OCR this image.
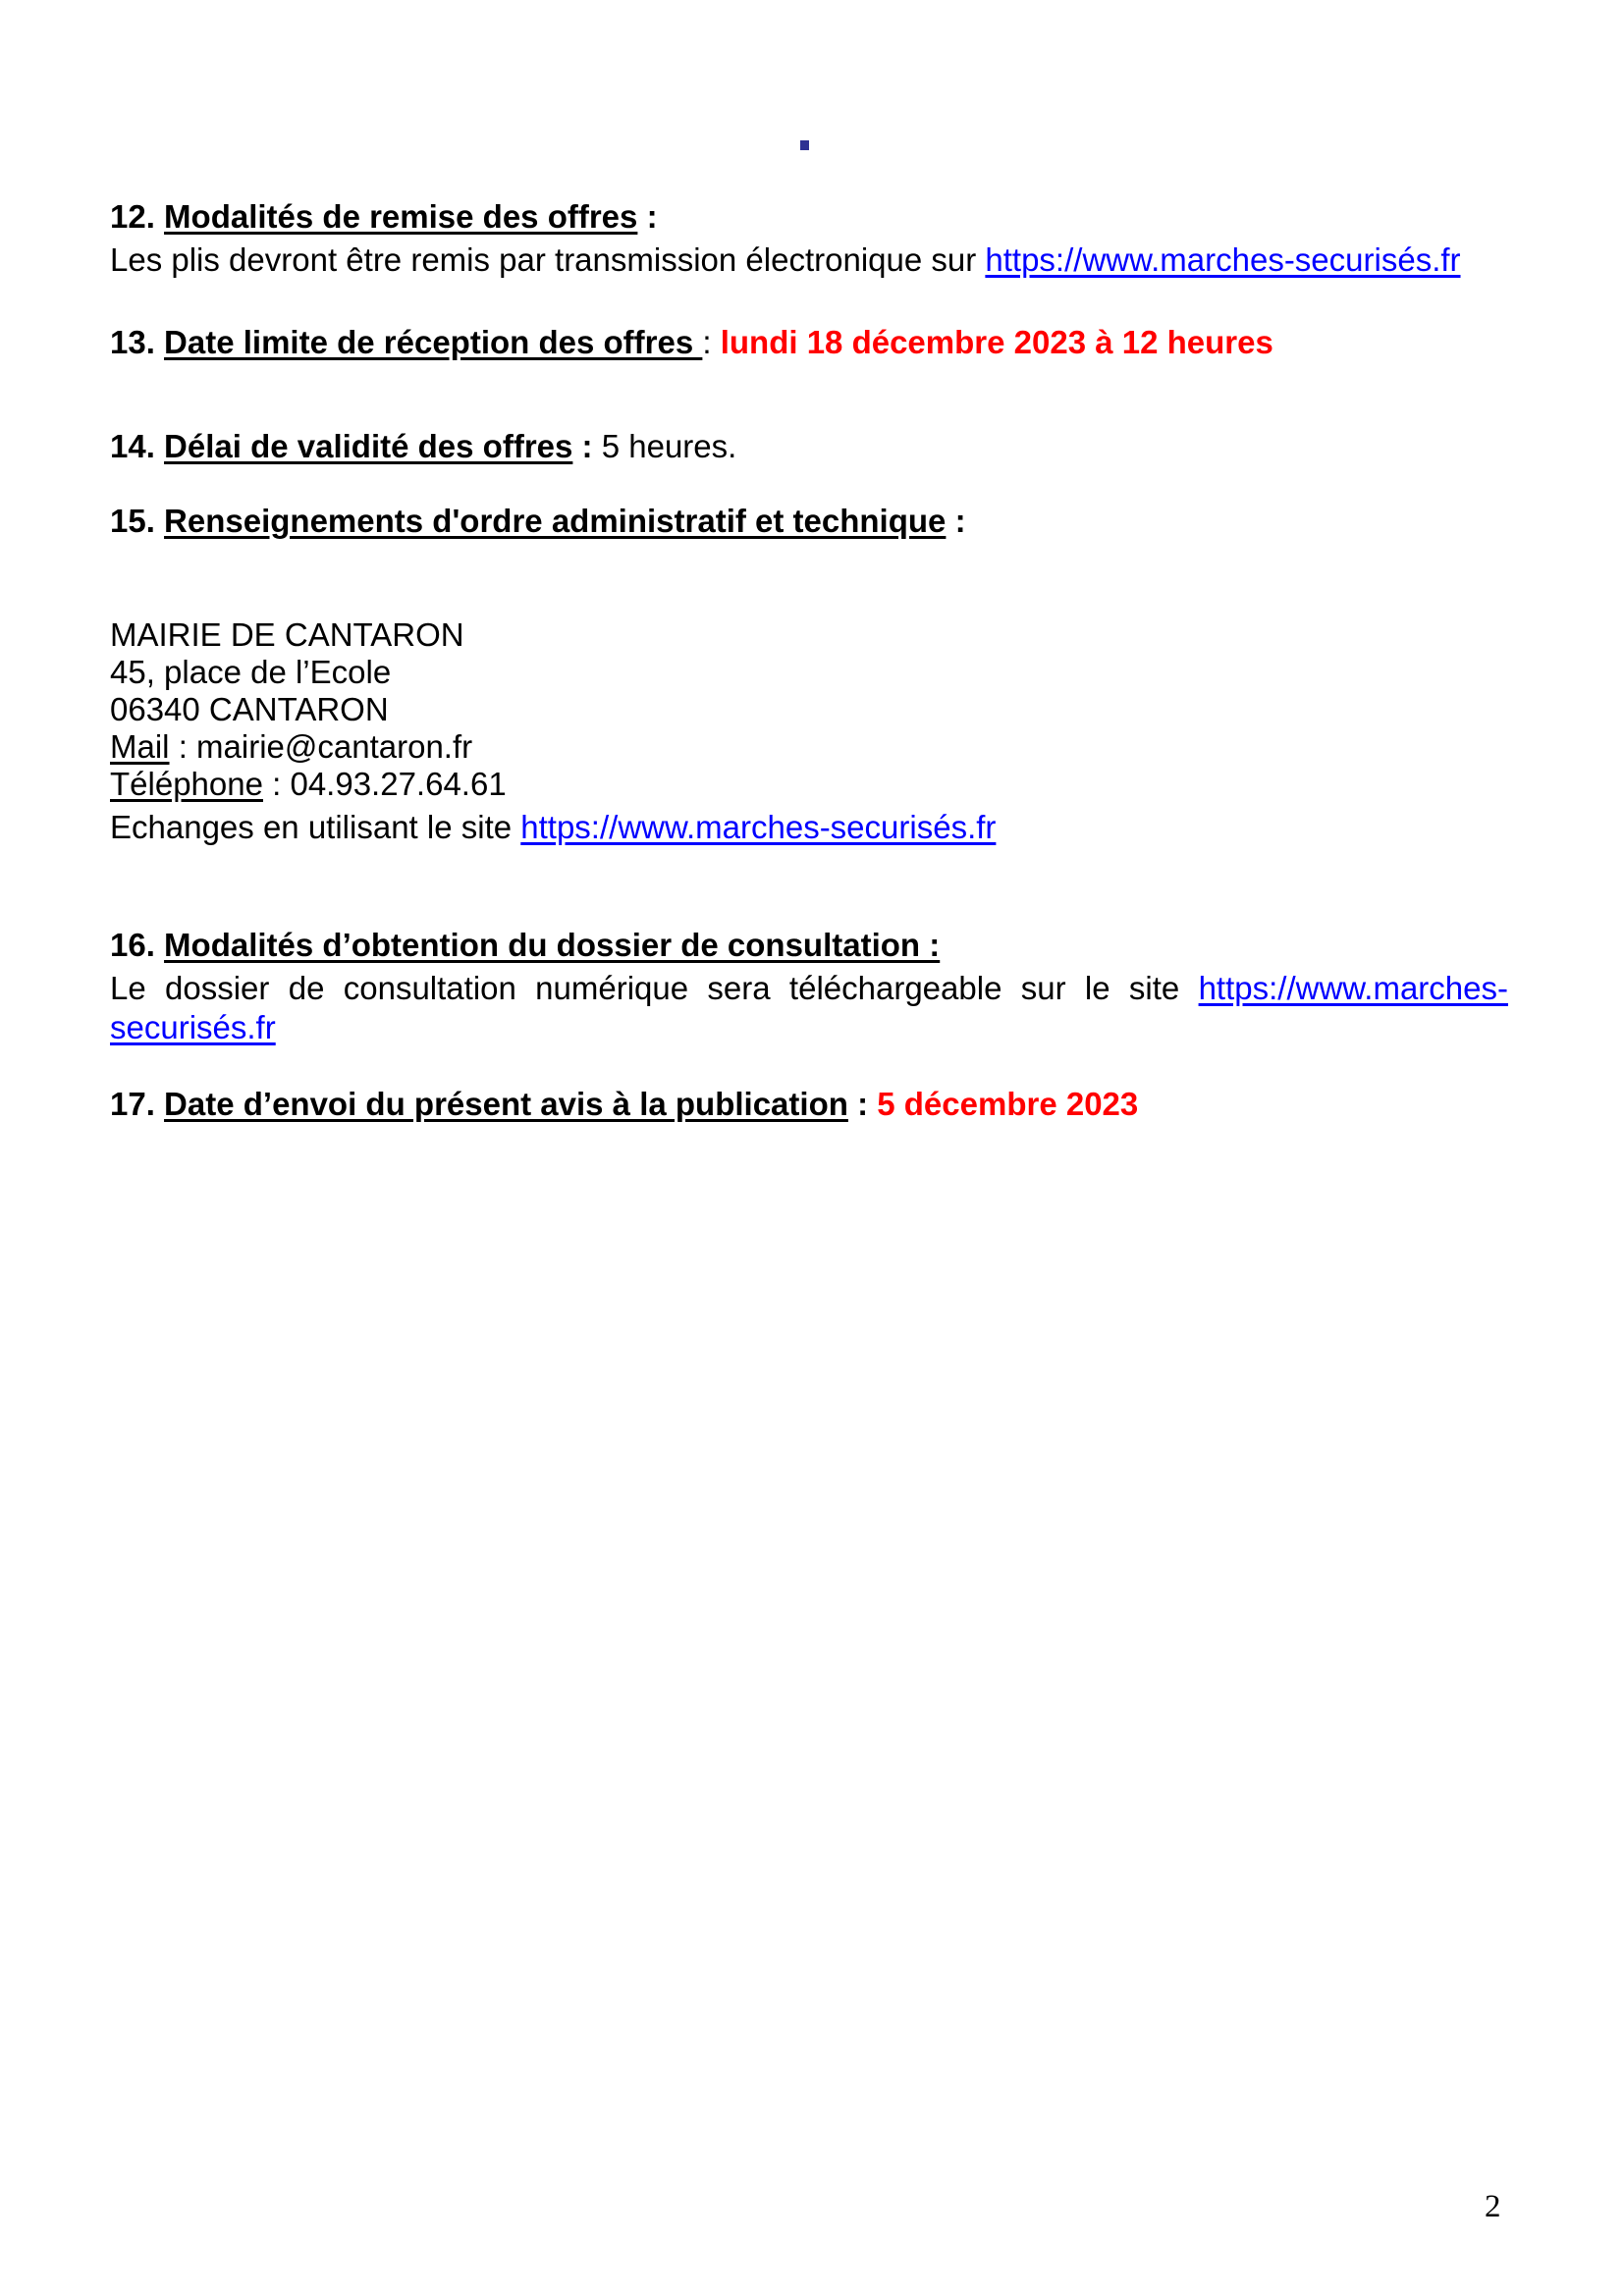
12. Modalités de remise des offres :
Les plis devront être remis par transmission électronique sur https://www.marches-securisés.fr
13. Date limite de réception des offres : lundi 18 décembre 2023 à 12 heures
14. Délai de validité des offres : 5 heures.
15. Renseignements d'ordre administratif et technique :
MAIRIE DE CANTARON
45, place de l’Ecole
06340 CANTARON
Mail : mairie@cantaron.fr
Téléphone : 04.93.27.64.61
Echanges en utilisant le site https://www.marches-securisés.fr
16. Modalités d’obtention du dossier de consultation :
Le dossier de consultation numérique sera téléchargeable sur le site https://www.marches-
securisés.fr
17. Date d’envoi du présent avis à la publication : 5 décembre 2023
2
